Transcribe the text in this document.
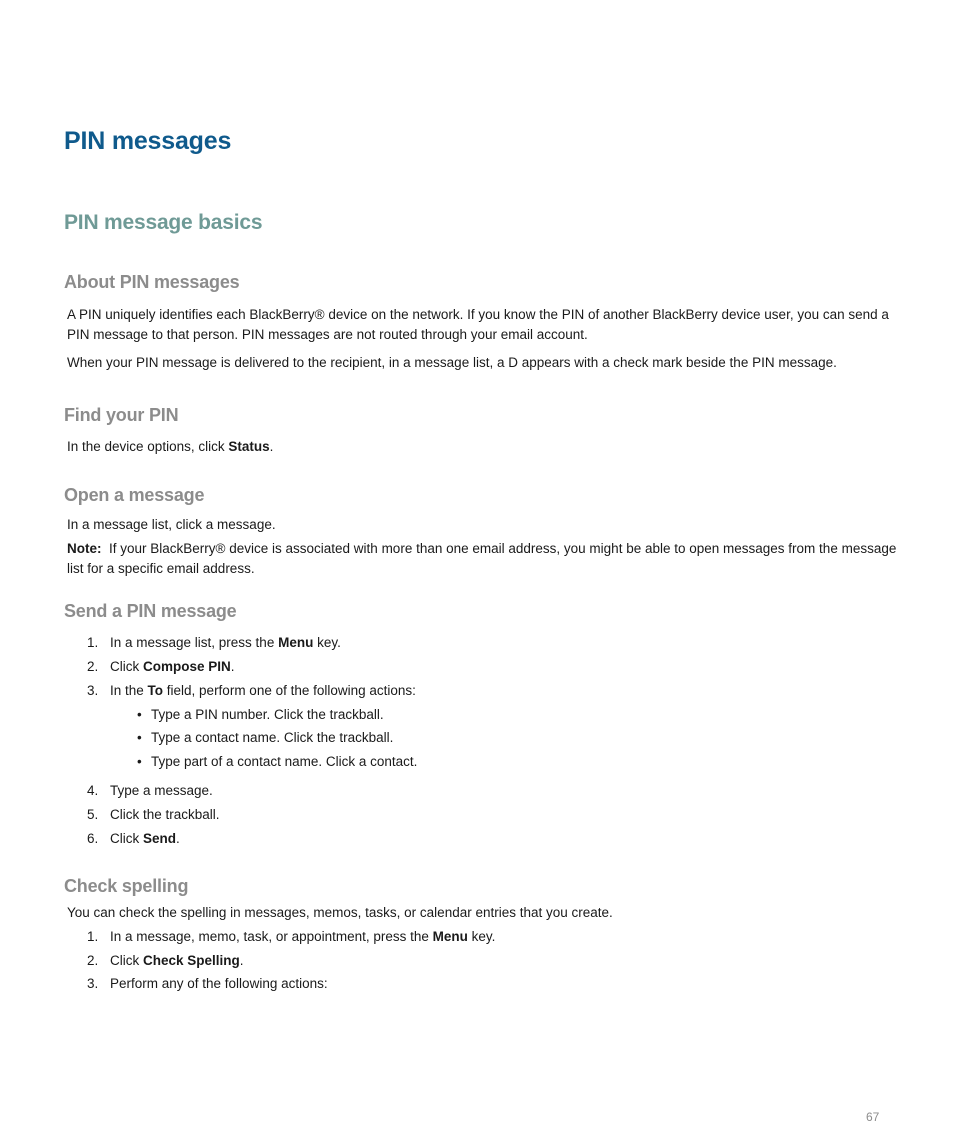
PIN messages
PIN message basics
About PIN messages

A PIN uniquely identifies each BlackBerry® device on the network. If you know the PIN of another BlackBerry device user, you can send a PIN message to that person. PIN messages are not routed through your email account.

When your PIN message is delivered to the recipient, in a message list, a D appears with a check mark beside the PIN message.

Find your PIN

In the device options, click Status.

Open a message

In a message list, click a message.

Note: If your BlackBerry® device is associated with more than one email address, you might be able to open messages from the message list for a specific email address.

Send a PIN message
1. In a message list, press the Menu key.
2. Click Compose PIN.
3. In the To field, perform one of the following actions:
• Type a PIN number. Click the trackball.
• Type a contact name. Click the trackball.
• Type part of a contact name. Click a contact.
4. Type a message.
5. Click the trackball.
6. Click Send.
Check spelling

You can check the spelling in messages, memos, tasks, or calendar entries that you create.

1. In a message, memo, task, or appointment, press the Menu key.
2. Click Check Spelling.
3. Perform any of the following actions:
67
